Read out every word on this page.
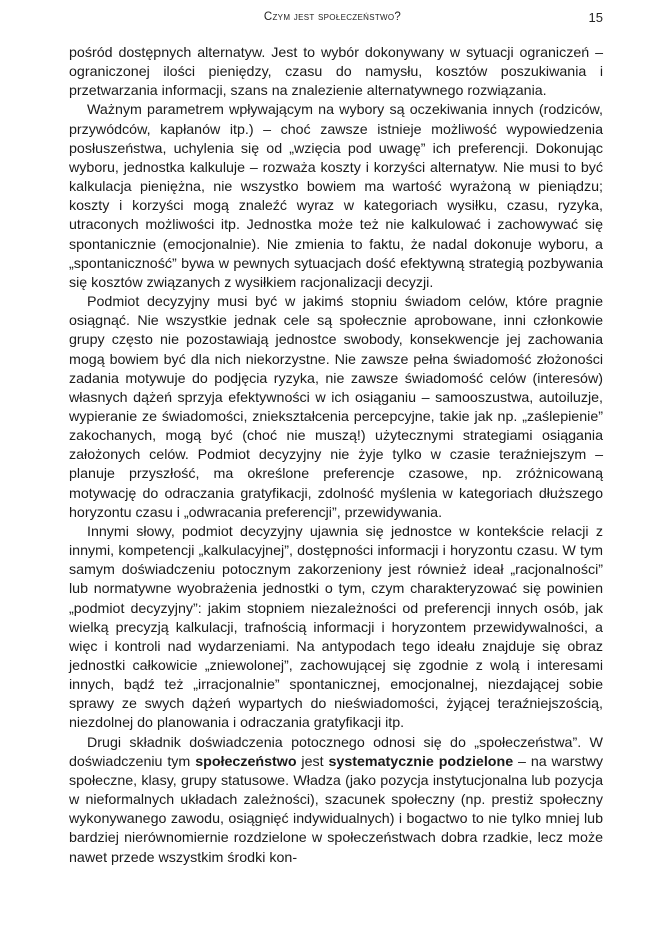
Czym jest społeczeństwo?	15

pośród dostępnych alternatyw. Jest to wybór dokonywany w sytuacji ograniczeń – ograniczonej ilości pieniędzy, czasu do namysłu, kosztów poszukiwania i przetwarzania informacji, szans na znalezienie alternatywnego rozwiązania.

Ważnym parametrem wpływającym na wybory są oczekiwania innych (rodziców, przywódców, kapłanów itp.) – choć zawsze istnieje możliwość wypowiedzenia posłuszeństwa, uchylenia się od „wzięcia pod uwagę” ich preferencji. Dokonując wyboru, jednostka kalkuluje – rozważa koszty i korzyści alternatyw. Nie musi to być kalkulacja pieniężna, nie wszystko bowiem ma wartość wyrażoną w pieniądzu; koszty i korzyści mogą znaleźć wyraz w kategoriach wysiłku, czasu, ryzyka, utraconych możliwości itp. Jednostka może też nie kalkulować i zachowywać się spontanicznie (emocjonalnie). Nie zmienia to faktu, że nadal dokonuje wyboru, a „spontaniczność” bywa w pewnych sytuacjach dość efektywną strategią pozbywania się kosztów związanych z wysiłkiem racjonalizacji decyzji.

Podmiot decyzyjny musi być w jakimś stopniu świadom celów, które pragnie osiągnąć. Nie wszystkie jednak cele są społecznie aprobowane, inni członkowie grupy często nie pozostawiają jednostce swobody, konsekwencje jej zachowania mogą bowiem być dla nich niekorzystne. Nie zawsze pełna świadomość złożoności zadania motywuje do podjęcia ryzyka, nie zawsze świadomość celów (interesów) własnych dążeń sprzyja efektywności w ich osiąganiu – samooszustwa, autoiluzje, wypieranie ze świadomości, zniekształcenia percepcyjne, takie jak np. „zaślepienie” zakochanych, mogą być (choć nie muszą!) użytecznymi strategiami osiągania założonych celów. Podmiot decyzyjny nie żyje tylko w czasie teraźniejszym – planuje przyszłość, ma określone preferencje czasowe, np. zróżnicowaną motywację do odraczania gratyfikacji, zdolność myślenia w kategoriach dłuższego horyzontu czasu i „odwracania preferencji”, przewidywania.

Innymi słowy, podmiot decyzyjny ujawnia się jednostce w kontekście relacji z innymi, kompetencji „kalkulacyjnej”, dostępności informacji i horyzontu czasu. W tym samym doświadczeniu potocznym zakorzeniony jest również ideał „racjonalności” lub normatywne wyobrażenia jednostki o tym, czym charakteryzować się powinien „podmiot decyzyjny”: jakim stopniem niezależności od preferencji innych osób, jak wielką precyzją kalkulacji, trafnością informacji i horyzontem przewidywalności, a więc i kontroli nad wydarzeniami. Na antypodach tego ideału znajduje się obraz jednostki całkowicie „zniewolonej”, zachowującej się zgodnie z wolą i interesami innych, bądź też „irracjonalnie” spontanicznej, emocjonalnej, niezdającej sobie sprawy ze swych dążeń wypartych do nieświadomości, żyjącej teraźniejszością, niezdolnej do planowania i odraczania gratyfikacji itp.

Drugi składnik doświadczenia potocznego odnosi się do „społeczeństwa”. W doświadczeniu tym społeczeństwo jest systematycznie podzielone – na warstwy społeczne, klasy, grupy statusowe. Władza (jako pozycja instytucjonalna lub pozycja w nieformalnych układach zależności), szacunek społeczny (np. prestiż społeczny wykonywanego zawodu, osiągnięć indywidualnych) i bogactwo to nie tylko mniej lub bardziej nierównomiernie rozdzielone w społeczeństwach dobra rzadkie, lecz może nawet przede wszystkim środki kon-
